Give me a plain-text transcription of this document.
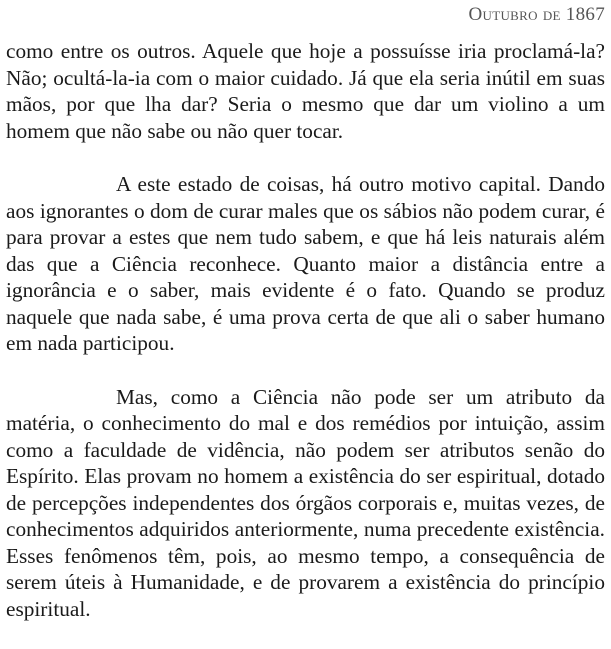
Outubro de 1867

como entre os outros. Aquele que hoje a possuísse iria proclamá-la? Não; ocultá-la-ia com o maior cuidado. Já que ela seria inútil em suas mãos, por que lha dar? Seria o mesmo que dar um violino a um homem que não sabe ou não quer tocar.

A este estado de coisas, há outro motivo capital. Dando aos ignorantes o dom de curar males que os sábios não podem curar, é para provar a estes que nem tudo sabem, e que há leis naturais além das que a Ciência reconhece. Quanto maior a distância entre a ignorância e o saber, mais evidente é o fato. Quando se produz naquele que nada sabe, é uma prova certa de que ali o saber humano em nada participou.

Mas, como a Ciência não pode ser um atributo da matéria, o conhecimento do mal e dos remédios por intuição, assim como a faculdade de vidência, não podem ser atributos senão do Espírito. Elas provam no homem a existência do ser espiritual, dotado de percepções independentes dos órgãos corporais e, muitas vezes, de conhecimentos adquiridos anteriormente, numa precedente existência. Esses fenômenos têm, pois, ao mesmo tempo, a consequência de serem úteis à Humanidade, e de provarem a existência do princípio espiritual.
